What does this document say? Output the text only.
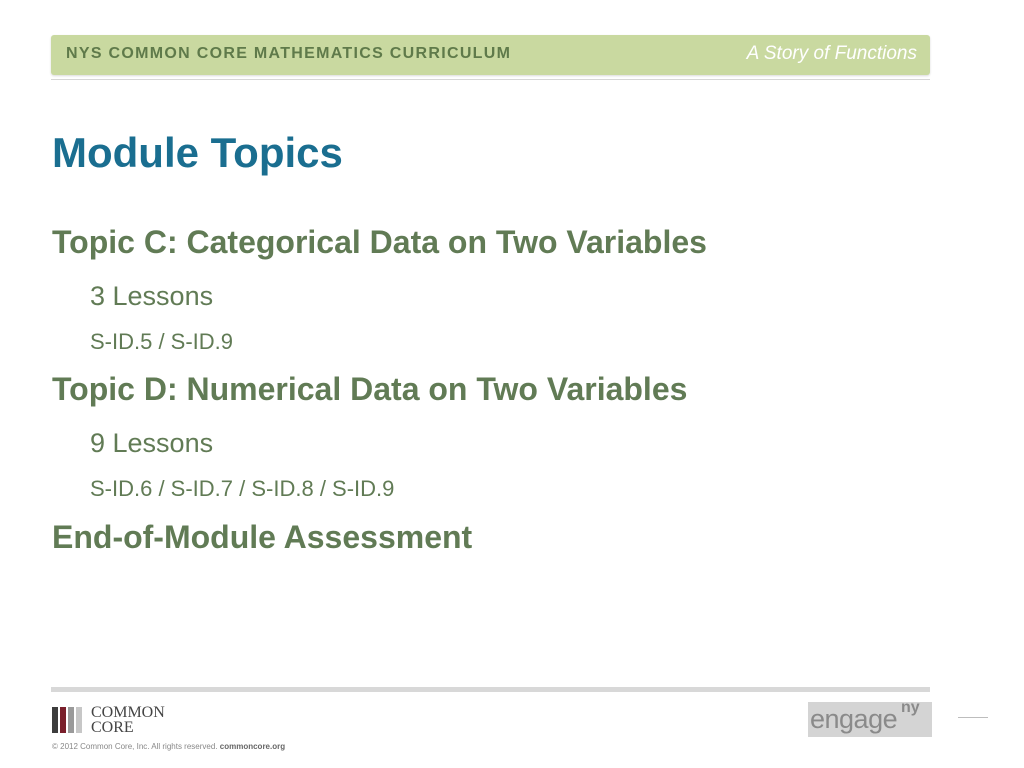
NYS COMMON CORE MATHEMATICS CURRICULUM	A Story of Functions
Module Topics
Topic C: Categorical Data on Two Variables
3 Lessons
S-ID.5 / S-ID.9
Topic D: Numerical Data on Two Variables
9 Lessons
S-ID.6 / S-ID.7 / S-ID.8 / S-ID.9
End-of-Module Assessment
COMMON
CORE
© 2012 Common Core, Inc. All rights reserved. commoncore.org
engage ny
